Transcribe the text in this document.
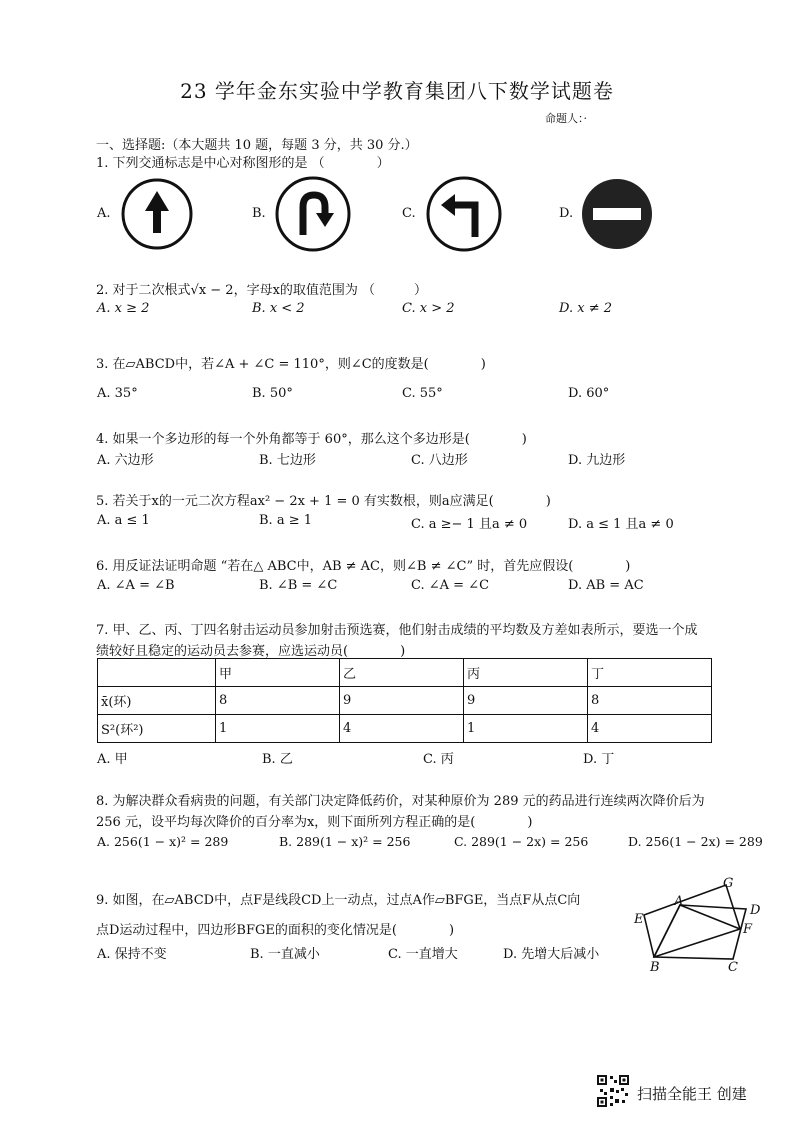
23 学年金东实验中学教育集团八下数学试题卷
命题人：·
一、选择题:（本大题共 10 题，每题 3 分，共 30 分.）
1. 下列交通标志是中心对称图形的是 （　　　　）
A.	B.	C.	D.
2. 对于二次根式√x − 2，字母x的取值范围为 （　　　）
A. x ≥ 2	B. x < 2	C. x > 2	D. x ≠ 2
3. 在▱ABCD中，若∠A + ∠C = 110°，则∠C的度数是(　　　　)
A. 35°	B. 50°	C. 55°	D. 60°
4. 如果一个多边形的每一个外角都等于 60°，那么这个多边形是(　　　　)
A. 六边形	B. 七边形	C. 八边形	D. 九边形
5. 若关于x的一元二次方程ax² − 2x + 1 = 0 有实数根，则a应满足(　　　　)
A. a ≤ 1	B. a ≥ 1	C. a ≥− 1 且a ≠ 0	D. a ≤ 1 且a ≠ 0
6. 用反证法证明命题 “若在△ ABC中，AB ≠ AC，则∠B ≠ ∠C” 时，首先应假设(　　　　)
A. ∠A = ∠B	B. ∠B = ∠C	C. ∠A = ∠C	D. AB = AC
7. 甲、乙、丙、丁四名射击运动员参加射击预选赛，他们射击成绩的平均数及方差如表所示，要选一个成
绩较好且稳定的运动员去参赛，应选运动员(　　　　)
	甲	乙	丙	丁
x̄(环)	8	9	9	8
S²(环²)	1	4	1	4
A. 甲	B. 乙	C. 丙	D. 丁
8. 为解决群众看病贵的问题，有关部门决定降低药价，对某种原价为 289 元的药品进行连续两次降价后为
256 元，设平均每次降价的百分率为x，则下面所列方程正确的是(　　　　)
A. 256(1 − x)² = 289	B. 289(1 − x)² = 256	C. 289(1 − 2x) = 256	D. 256(1 − 2x) = 289
9. 如图，在▱ABCD中，点F是线段CD上一动点，过点A作▱BFGE，当点F从点C向
点D运动过程中，四边形BFGE的面积的变化情况是(　　　　)
A. 保持不变	B. 一直减小	C. 一直增大	D. 先增大后减小
G
A
D
E
F
B	C
扫描全能王 创建
